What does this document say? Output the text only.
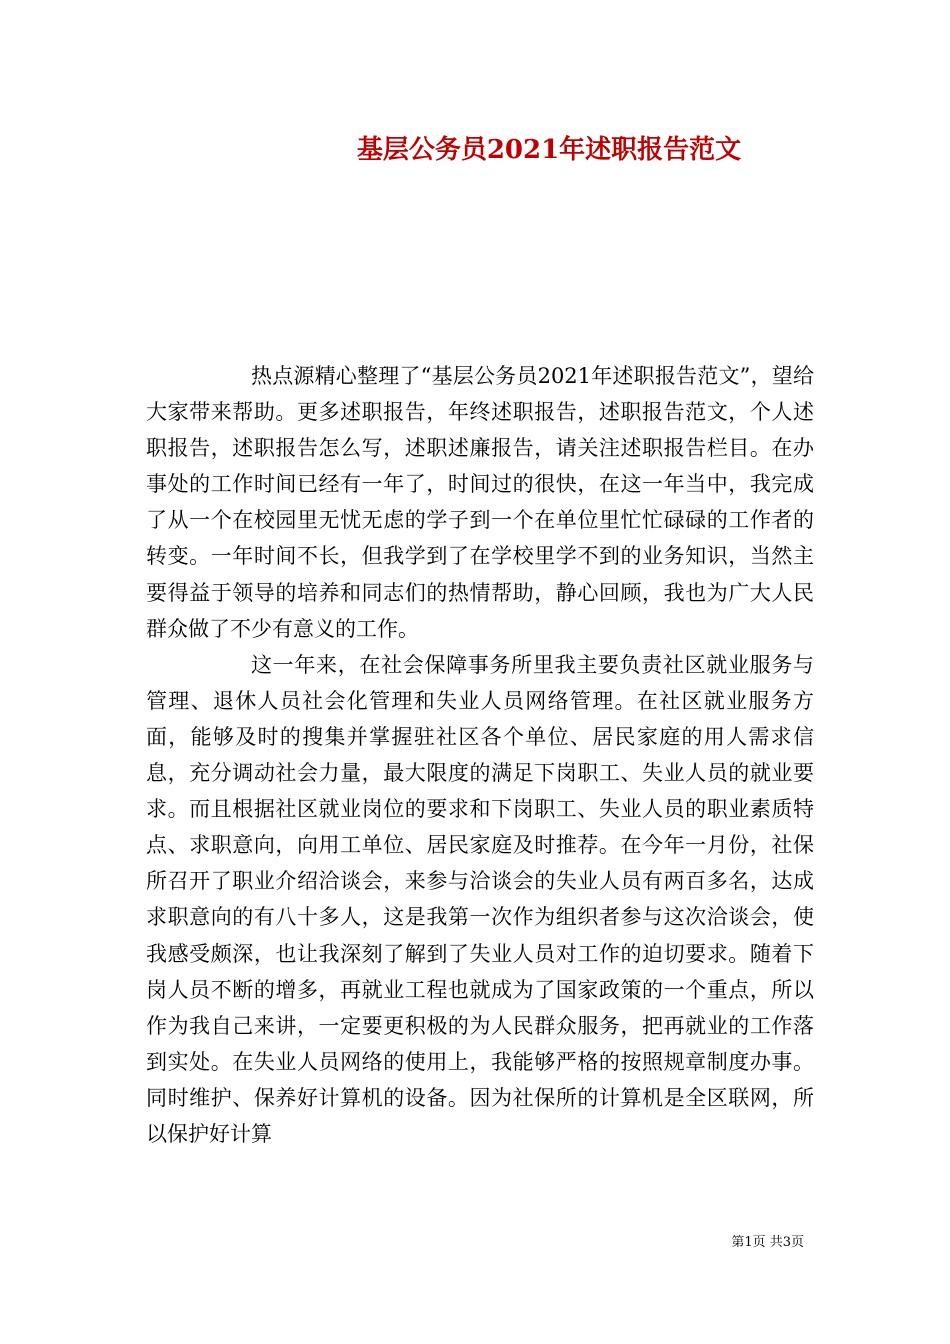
基层公务员2021年述职报告范文

热点源精心整理了“基层公务员2021年述职报告范文”，望给大家带来帮助。更多述职报告，年终述职报告，述职报告范文，个人述职报告，述职报告怎么写，述职述廉报告，请关注述职报告栏目。在办事处的工作时间已经有一年了，时间过的很快，在这一年当中，我完成了从一个在校园里无忧无虑的学子到一个在单位里忙忙碌碌的工作者的转变。一年时间不长，但我学到了在学校里学不到的业务知识，当然主要得益于领导的培养和同志们的热情帮助，静心回顾，我也为广大人民群众做了不少有意义的工作。

这一年来，在社会保障事务所里我主要负责社区就业服务与管理、退休人员社会化管理和失业人员网络管理。在社区就业服务方面，能够及时的搜集并掌握驻社区各个单位、居民家庭的用人需求信息，充分调动社会力量，最大限度的满足下岗职工、失业人员的就业要求。而且根据社区就业岗位的要求和下岗职工、失业人员的职业素质特点、求职意向，向用工单位、居民家庭及时推荐。在今年一月份，社保所召开了职业介绍洽谈会，来参与洽谈会的失业人员有两百多名，达成求职意向的有八十多人，这是我第一次作为组织者参与这次洽谈会，使我感受颇深，也让我深刻了解到了失业人员对工作的迫切要求。随着下岗人员不断的增多，再就业工程也就成为了国家政策的一个重点，所以作为我自己来讲，一定要更积极的为人民群众服务，把再就业的工作落到实处。在失业人员网络的使用上，我能够严格的按照规章制度办事。同时维护、保养好计算机的设备。因为社保所的计算机是全区联网，所以保护好计算

第1页 共3页
